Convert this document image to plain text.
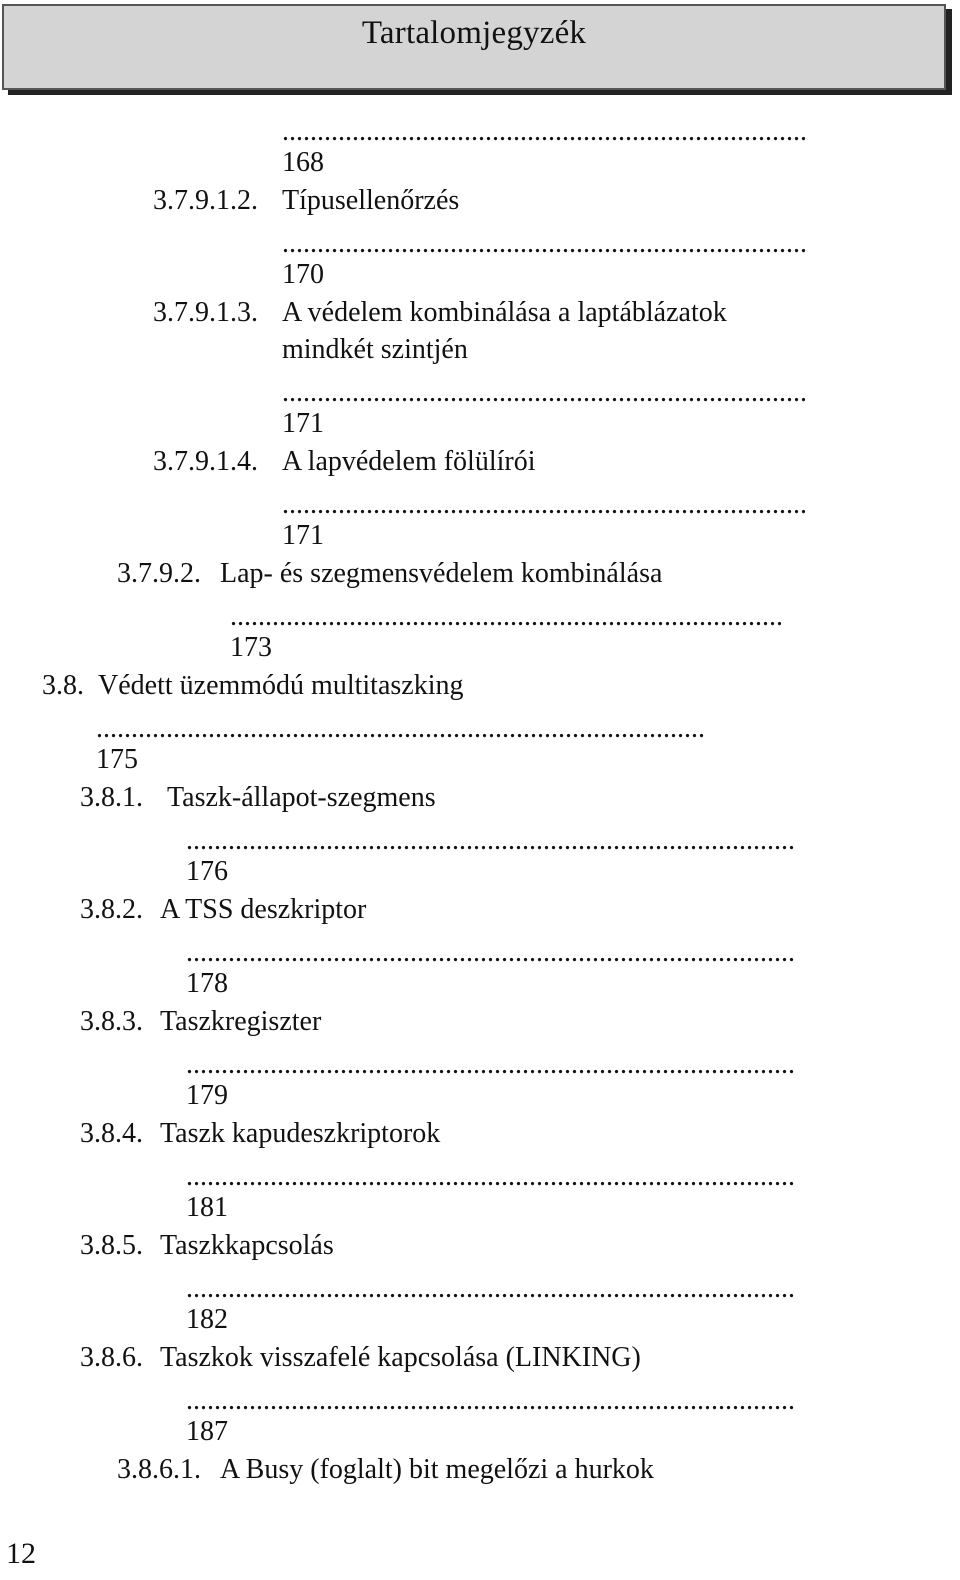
Tartalomjegyzék
...........................................................................
168
3.7.9.1.2. Típusellenőrzés
...........................................................................
170
3.7.9.1.3. A védelem kombinálása a laptáblázatok
mindkét szintjén
...........................................................................
171
3.7.9.1.4. A lapvédelem fölülírói
...........................................................................
171
3.7.9.2. Lap- és szegmensvédelem kombinálása
...............................................................................
173
3.8. Védett üzemmódú multitaszking
.......................................................................................
175
3.8.1. Taszk-állapot-szegmens
.......................................................................................
176
3.8.2. A TSS deszkriptor
.......................................................................................
178
3.8.3. Taszkregiszter
.......................................................................................
179
3.8.4. Taszk kapudeszkriptorok
.......................................................................................
181
3.8.5. Taszkkapcsolás
.......................................................................................
182
3.8.6. Taszkok visszafelé kapcsolása (LINKING)
.......................................................................................
187
3.8.6.1. A Busy (foglalt) bit megelőzi a hurkok
12
